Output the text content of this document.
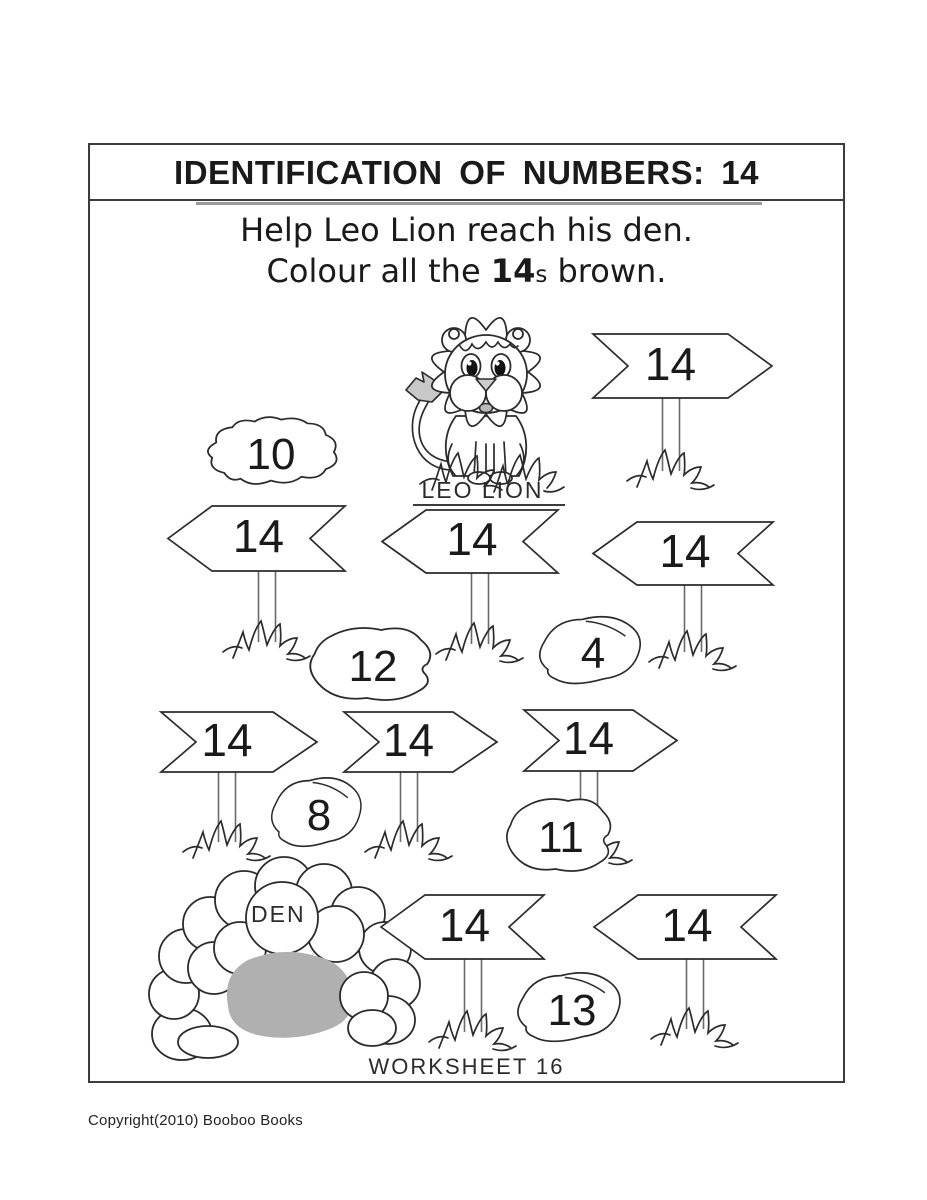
IDENTIFICATION OF NUMBERS: 14
Help Leo Lion reach his den.
Colour all the 14s brown.
DEN
LEO LION
14
14	14	14
14	14	14
14	14
10
12	4
8	11
13
WORKSHEET 16
Copyright(2010) Booboo Books
